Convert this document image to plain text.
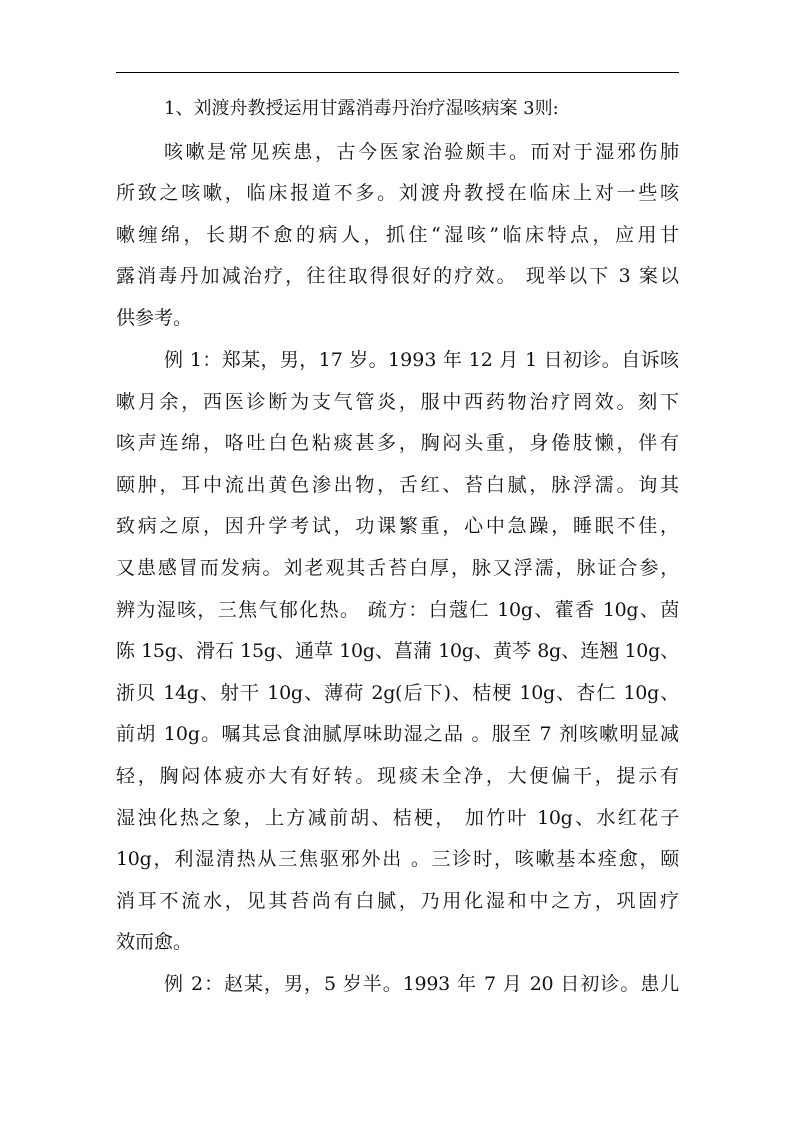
1、刘渡舟教授运用甘露消毒丹治疗湿咳病案 3则:
咳嗽是常见疾患，古今医家治验颇丰。而对于湿邪伤肺
所致之咳嗽，临床报道不多。刘渡舟教授在临床上对一些咳
嗽缠绵，长期不愈的病人，抓住“湿咳”临床特点，应用甘
露消毒丹加减治疗，往往取得很好的疗效。 现举以下 3 案以
供参考。
例 1：郑某，男，17 岁。1993 年 12 月 1 日初诊。自诉咳
嗽月余，西医诊断为支气管炎，服中西药物治疗罔效。刻下
咳声连绵，咯吐白色粘痰甚多，胸闷头重，身倦肢懒，伴有
颐肿，耳中流出黄色渗出物，舌红、苔白腻，脉浮濡。询其
致病之原，因升学考试，功课繁重，心中急躁，睡眠不佳，
又患感冒而发病。刘老观其舌苔白厚，脉又浮濡，脉证合参，
辨为湿咳，三焦气郁化热。 疏方：白蔻仁 10g、藿香 10g、茵
陈 15g、滑石 15g、通草 10g、菖蒲 10g、黄芩 8g、连翘 10g、
浙贝 14g、射干 10g、薄荷 2g(后下)、桔梗 10g、杏仁 10g、
前胡 10g。嘱其忌食油腻厚味助湿之品 。服至 7 剂咳嗽明显减
轻，胸闷体疲亦大有好转。现痰未全净，大便偏干，提示有
湿浊化热之象，上方减前胡、桔梗， 加竹叶 10g、水红花子
10g，利湿清热从三焦驱邪外出 。三诊时，咳嗽基本痊愈，颐
消耳不流水，见其苔尚有白腻，乃用化湿和中之方，巩固疗
效而愈。
例 2：赵某，男，5 岁半。1993 年 7 月 20 日初诊。患儿
